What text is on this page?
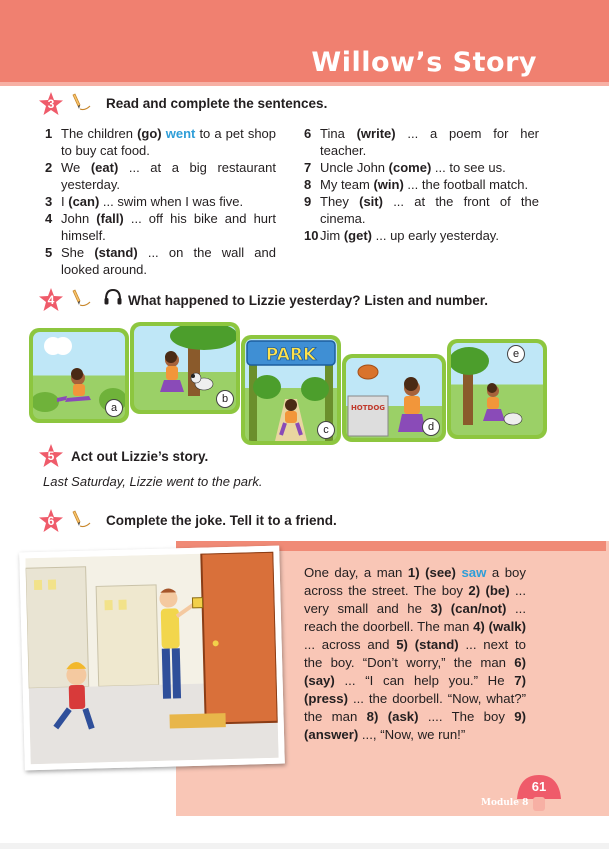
Willow’s Story
3	Read and complete the sentences.
1 The children (go) went to a pet shop to buy cat food.
2 We (eat) ... at a big restaurant yesterday.
3 I (can) ... swim when I was five.
4 John (fall) ... off his bike and hurt himself.
5 She (stand) ... on the wall and looked around.
6 Tina (write) ... a poem for her teacher.
7 Uncle John (come) ... to see us.
8 My team (win) ... the football match.
9 They (sit) ... at the front of the cinema.
10 Jim (get) ... up early yesterday.
4	What happened to Lizzie yesterday? Listen and number.
a
b
PARK
c
HOTDOG
d
e
5	Act out Lizzie’s story.
Last Saturday, Lizzie went to the park.
6	Complete the joke. Tell it to a friend.
One day, a man 1) (see) saw a boy across the street. The boy 2) (be) ... very small and he 3) (can/not) ... reach the doorbell. The man 4) (walk) ... across and 5) (stand) ... next to the boy. “Don’t worry,” the man 6) (say) ... “I can help you.” He 7) (press) ... the doorbell. “Now, what?” the man 8) (ask) .... The boy 9) (answer) ..., “Now, we run!”
61
Module 8
